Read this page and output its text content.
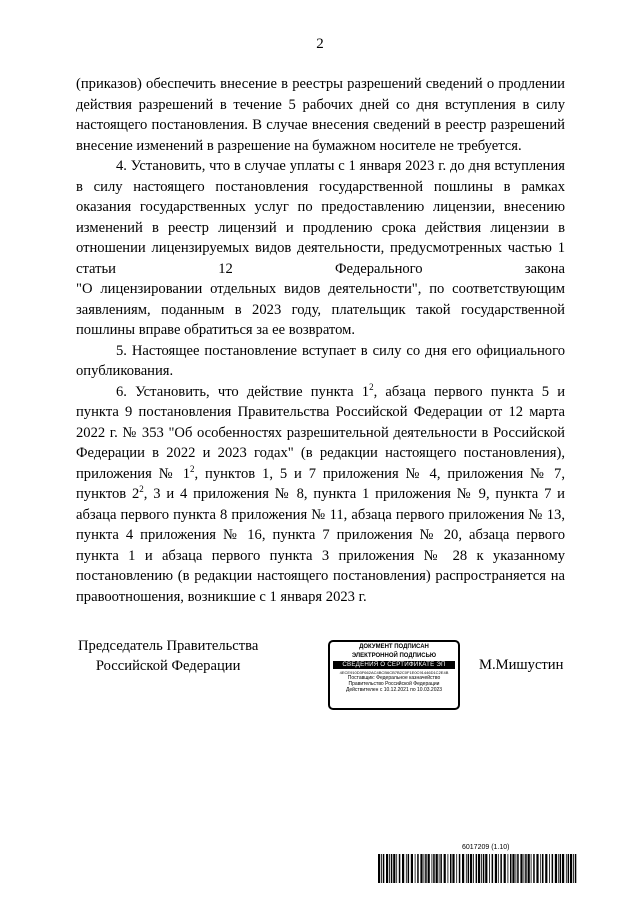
2

(приказов) обеспечить внесение в реестры разрешений сведений о продлении действия разрешений в течение 5 рабочих дней со дня вступления в силу настоящего постановления. В случае внесения сведений в реестр разрешений внесение изменений в разрешение на бумажном носителе не требуется.

4. Установить, что в случае уплаты с 1 января 2023 г. до дня вступления в силу настоящего постановления государственной пошлины в рамках оказания государственных услуг по предоставлению лицензии, внесению изменений в реестр лицензий и продлению срока действия лицензии в отношении лицензируемых видов деятельности, предусмотренных частью 1 статьи 12 Федерального закона

"О лицензировании отдельных видов деятельности", по соответствующим заявлениям, поданным в 2023 году, плательщик такой государственной пошлины вправе обратиться за ее возвратом.

5. Настоящее постановление вступает в силу со дня его официального опубликования.

6. Установить, что действие пункта $1^2$, абзаца первого пункта 5 и пункта 9 постановления Правительства Российской Федерации от 12 марта 2022 г. № 353 "Об особенностях разрешительной деятельности в Российской Федерации в 2022 и 2023 годах" (в редакции настоящего постановления), приложения № $1^2$, пунктов 1, 5 и 7 приложения № 4, приложения № 7, пунктов $2^2$, 3 и 4 приложения № 8, пункта 1 приложения № 9, пункта 7 и абзаца первого пункта 8 приложения № 11, абзаца первого приложения № 13, пункта 4 приложения № 16, пункта 7 приложения № 20, абзаца первого пункта 1 и абзаца первого пункта 3 приложения № 28 к указанному постановлению (в редакции настоящего постановления) распространяется на правоотношения, возникшие с 1 января 2023 г.

Председатель Правительства
Российской Федерации
ДОКУМЕНТ ПОДПИСАН
ЭЛЕКТРОННОЙ ПОДПИСЬЮ
СВЕДЕНИЯ О СЕРТИФИКАТЕ ЭП
4ЕСЕ910D3F662AC4BCB6CB7B2C0F1E0C91446D1C2E4B
Поставщик: Федеральное казначейство
Правительство Российской Федерации
Действителен с 10.12.2021 по 10.03.2023
М.Мишустин
6017209 (1.10)
